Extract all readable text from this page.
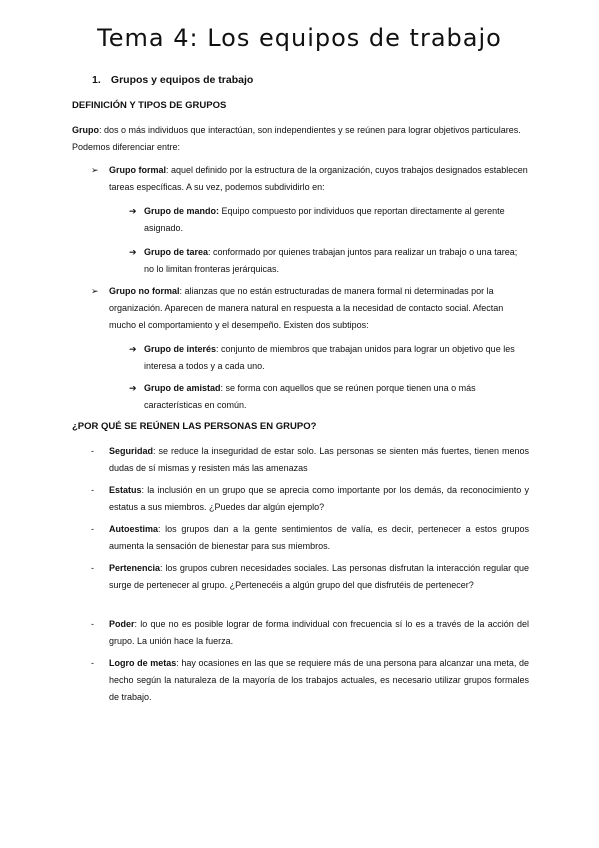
Tema 4: Los equipos de trabajo
1. Grupos y equipos de trabajo
DEFINICIÓN Y TIPOS DE GRUPOS

Grupo: dos o más individuos que interactúan, son independientes y se reúnen para lograr objetivos particulares. Podemos diferenciar entre:

➢	Grupo formal: aquel definido por la estructura de la organización, cuyos trabajos designados establecen tareas específicas. A su vez, podemos subdividirlo en:
➔ Grupo de mando: Equipo compuesto por individuos que reportan directamente al gerente asignado.
➔ Grupo de tarea: conformado por quienes trabajan juntos para realizar un trabajo o una tarea; no lo limitan fronteras jerárquicas.
➢	Grupo no formal: alianzas que no están estructuradas de manera formal ni determinadas por la organización. Aparecen de manera natural en respuesta a la necesidad de contacto social. Afectan mucho el comportamiento y el desempeño. Existen dos subtipos:
➔ Grupo de interés: conjunto de miembros que trabajan unidos para lograr un objetivo que les interesa a todos y a cada uno.
➔ Grupo de amistad: se forma con aquellos que se reúnen porque tienen una o más características en común.
¿POR QUÉ SE REÚNEN LAS PERSONAS EN GRUPO?
-	Seguridad: se reduce la inseguridad de estar solo. Las personas se sienten más fuertes, tienen menos dudas de sí mismas y resisten más las amenazas
-	Estatus: la inclusión en un grupo que se aprecia como importante por los demás, da reconocimiento y estatus a sus miembros. ¿Puedes dar algún ejemplo?
-	Autoestima: los grupos dan a la gente sentimientos de valía, es decir, pertenecer a estos grupos aumenta la sensación de bienestar para sus miembros.
-	Pertenencia: los grupos cubren necesidades sociales. Las personas disfrutan la interacción regular que surge de pertenecer al grupo. ¿Pertenecéis a algún grupo del que disfrutéis de pertenecer?
-	Poder: lo que no es posible lograr de forma individual con frecuencia sí lo es a través de la acción del grupo. La unión hace la fuerza.
-	Logro de metas: hay ocasiones en las que se requiere más de una persona para alcanzar una meta, de hecho según la naturaleza de la mayoría de los trabajos actuales, es necesario utilizar grupos formales de trabajo.
